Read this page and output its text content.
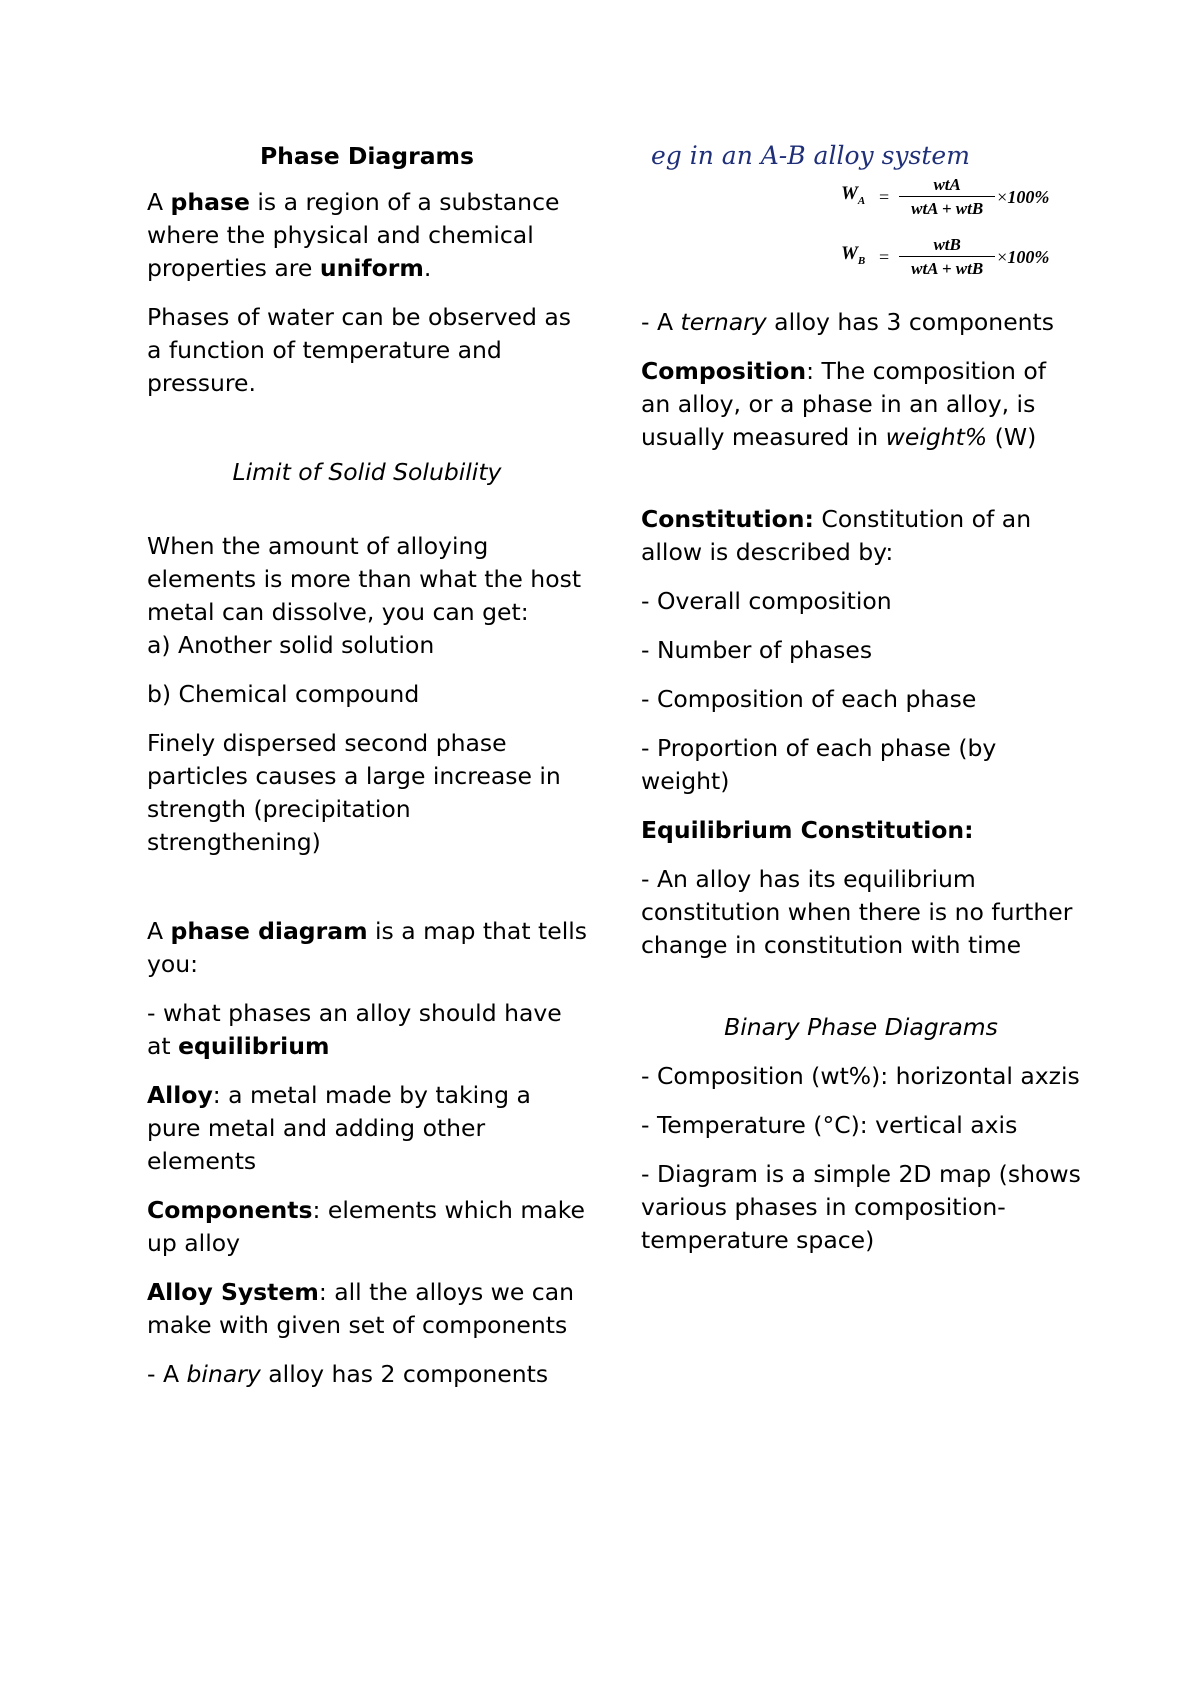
Phase Diagrams

A phase is a region of a substance where the physical and chemical properties are uniform.

Phases of water can be observed as a function of temperature and pressure.

Limit of Solid Solubility

When the amount of alloying elements is more than what the host metal can dissolve, you can get:

a) Another solid solution

b) Chemical compound

Finely dispersed second phase particles causes a large increase in strength (precipitation strengthening)

A phase diagram is a map that tells you:

- what phases an alloy should have at equilibrium

Alloy: a metal made by taking a pure metal and adding other elements

Components: elements which make up alloy

Alloy System: all the alloys we can make with given set of components

- A binary alloy has 2 components

eg in an A-B alloy system

$W_A = \frac{\text{wtA}}{\text{wtA + wtB}} \times 100\%$
$W_B = \frac{\text{wtB}}{\text{wtA + wtB}} \times 100\%$

- A ternary alloy has 3 components

Composition: The composition of an alloy, or a phase in an alloy, is usually measured in weight% (W)

Constitution: Constitution of an allow is described by:

- Overall composition

- Number of phases

- Composition of each phase

- Proportion of each phase (by weight)

Equilibrium Constitution:

- An alloy has its equilibrium constitution when there is no further change in constitution with time

Binary Phase Diagrams

- Composition (wt%): horizontal axzis

- Temperature (°C): vertical axis

- Diagram is a simple 2D map (shows various phases in composition-temperature space)
